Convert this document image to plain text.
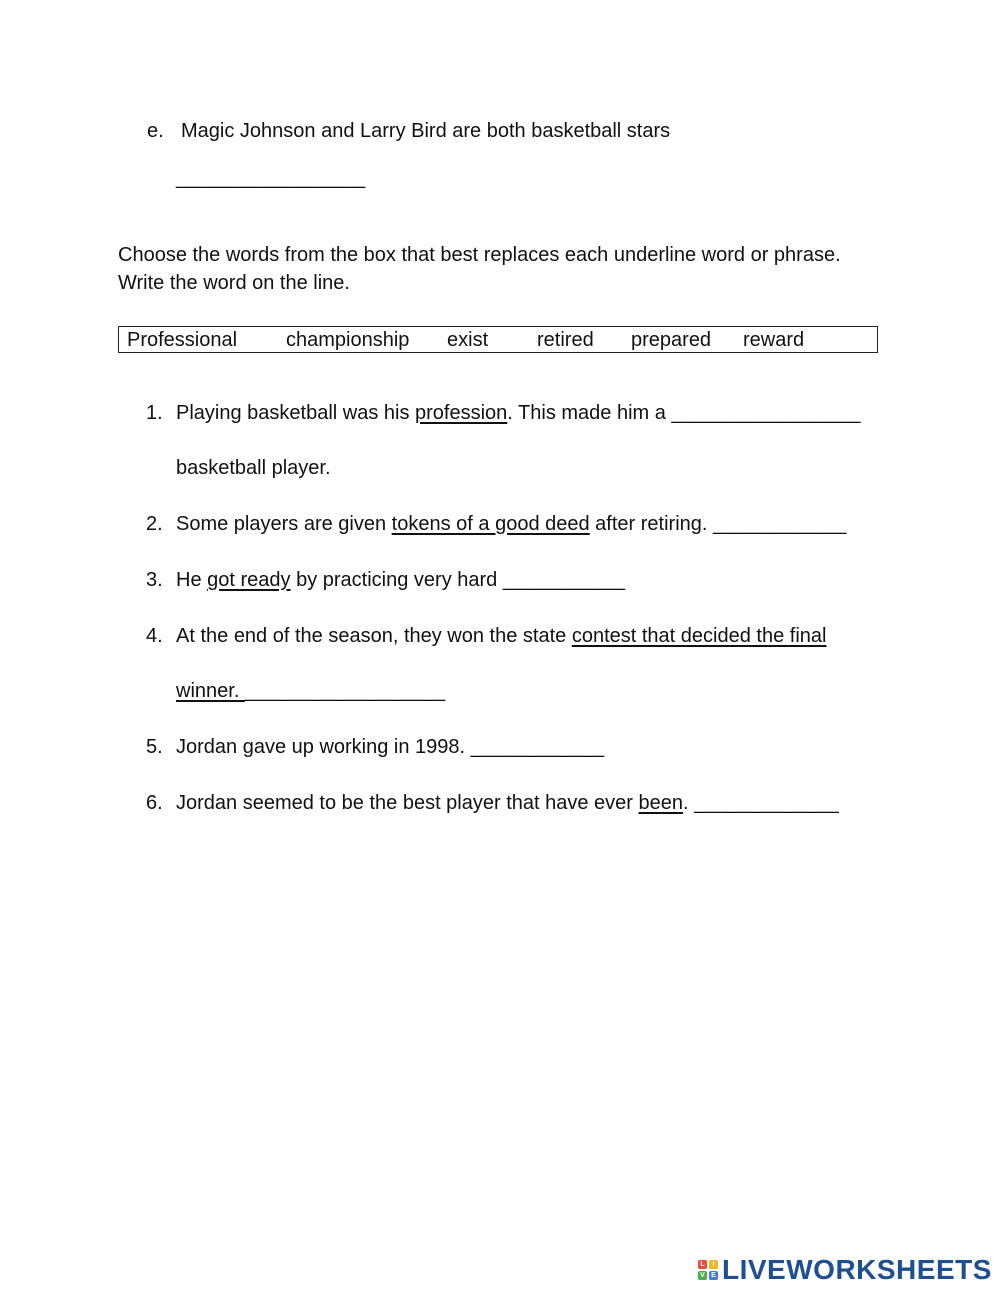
e. Magic Johnson and Larry Bird are both basketball stars
_________________
Choose the words from the box that best replaces each underline word or phrase.
Write the word on the line.
Professional championship exist retired prepared reward
1. Playing basketball was his profession. This made him a _________________
basketball player.
2. Some players are given tokens of a good deed after retiring. ____________
3. He got ready by practicing very hard ___________
4. At the end of the season, they won the state contest that decided the final
winner. __________________
5. Jordan gave up working in 1998. ____________
6. Jordan seemed to be the best player that have ever been. _____________
L	I
V E LIVEWORKSHEETS
